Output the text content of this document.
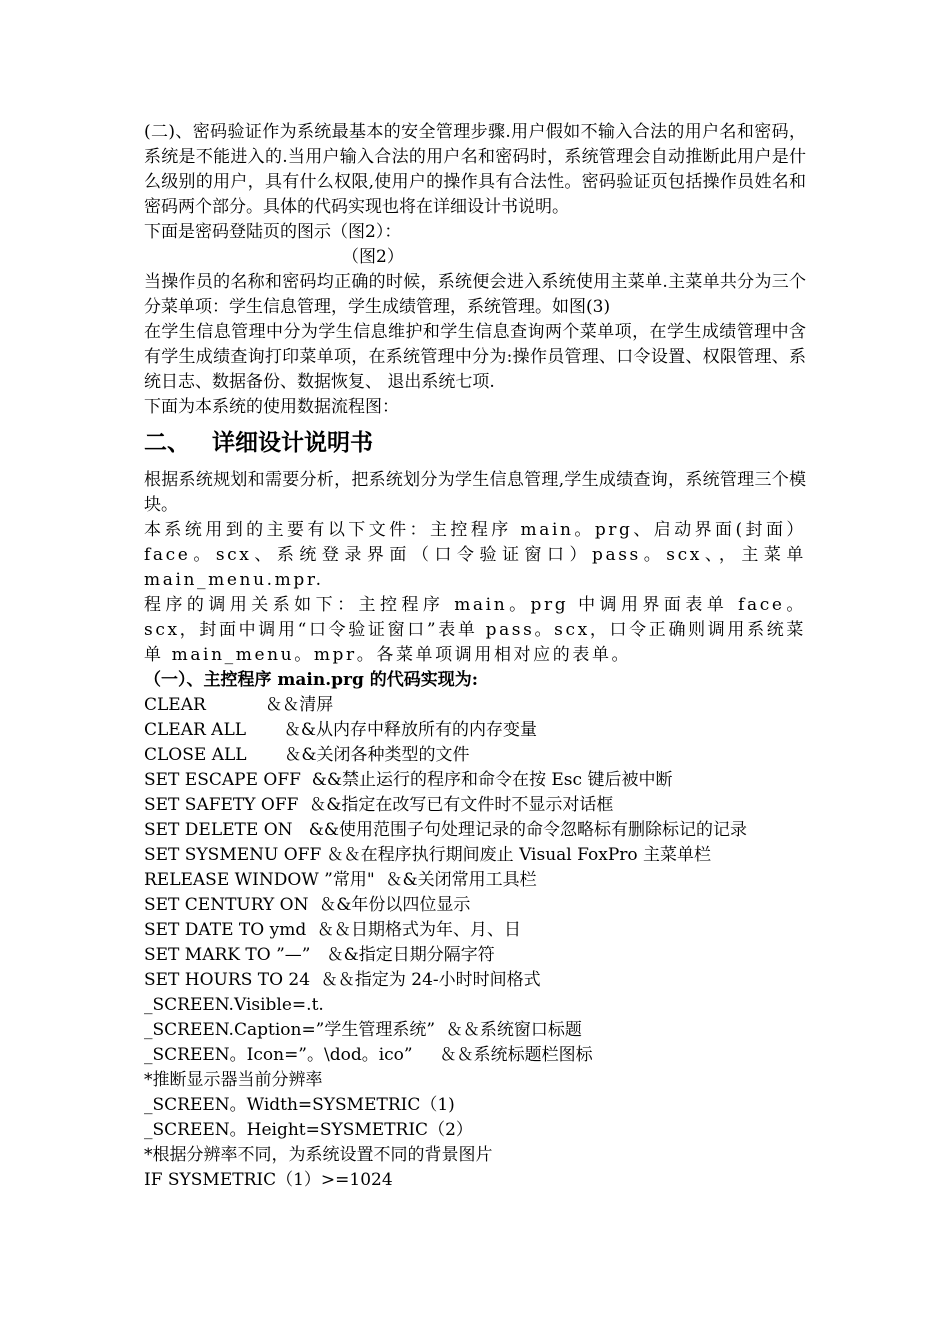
(二)、密码验证作为系统最基本的安全管理步骤.用户假如不输入合法的用户名和密码，系统是不能进入的.当用户输入合法的用户名和密码时，系统管理会自动推断此用户是什么级别的用户，具有什么权限,使用户的操作具有合法性。密码验证页包括操作员姓名和密码两个部分。具体的代码实现也将在详细设计书说明。

下面是密码登陆页的图示（图2）：

（图2）

当操作员的名称和密码均正确的时候，系统便会进入系统使用主菜单.主菜单共分为三个分菜单项：学生信息管理，学生成绩管理，系统管理。如图(3)

在学生信息管理中分为学生信息维护和学生信息查询两个菜单项，在学生成绩管理中含有学生成绩查询打印菜单项，在系统管理中分为:操作员管理、口令设置、权限管理、系统日志、数据备份、数据恢复、 退出系统七项.

下面为本系统的使用数据流程图：

二、 详细设计说明书

根据系统规划和需要分析，把系统划分为学生信息管理,学生成绩查询，系统管理三个模块。

本系统用到的主要有以下文件：主控程序 main。prg、启动界面(封面）face。scx、系统登录界面（口令验证窗口）pass。scx、，主菜单 main_menu.mpr.

程序的调用关系如下：主控程序 main。prg 中调用界面表单 face。scx，封面中调用“口令验证窗口”表单 pass。scx，口令正确则调用系统菜单 main_menu。mpr。各菜单项调用相对应的表单。

（一）、主控程序 main.prg 的代码实现为:

CLEAR           ＆＆清屏

CLEAR ALL       ＆&从内存中释放所有的内存变量

CLOSE ALL       ＆&关闭各种类型的文件

SET ESCAPE OFF  &&禁止运行的程序和命令在按 Esc 键后被中断

SET SAFETY OFF  ＆&指定在改写已有文件时不显示对话框

SET DELETE ON   &&使用范围子句处理记录的命令忽略标有删除标记的记录

SET SYSMENU OFF ＆＆在程序执行期间废止 Visual FoxPro 主菜单栏

RELEASE WINDOW ”常用"  ＆&关闭常用工具栏

SET CENTURY ON  ＆&年份以四位显示

SET DATE TO ymd  ＆＆日期格式为年、月、日

SET MARK TO ”—”   ＆&指定日期分隔字符

SET HOURS TO 24  ＆＆指定为 24-小时时间格式

_SCREEN.Visible=.t.

_SCREEN.Caption=”学生管理系统”  ＆＆系统窗口标题

_SCREEN。Icon=”。\dod。ico”     ＆＆系统标题栏图标

*推断显示器当前分辨率

_SCREEN。Width=SYSMETRIC（1)

_SCREEN。Height=SYSMETRIC（2）

*根据分辨率不同，为系统设置不同的背景图片

IF SYSMETRIC（1）>=1024
